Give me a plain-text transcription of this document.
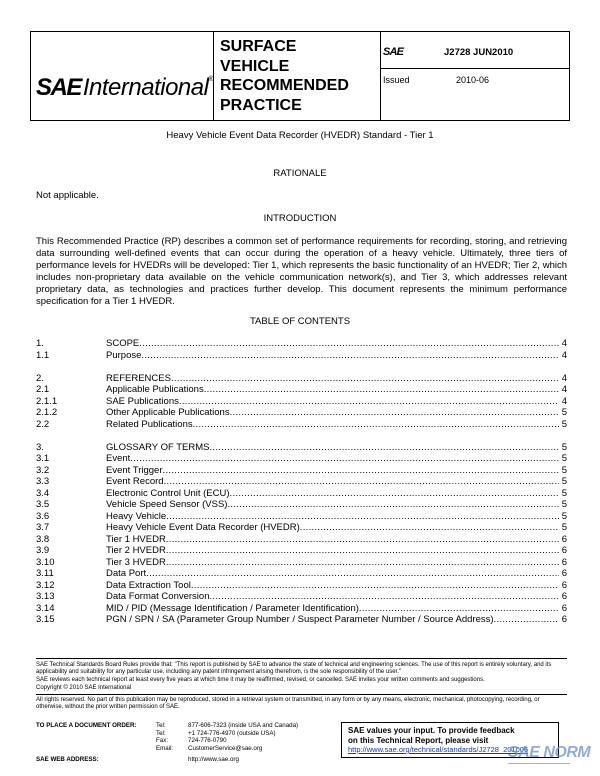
SAEInternational®
SURFACE
VEHICLE
RECOMMENDED
PRACTICE
SAE	J2728 JUN2010
Issued	2010-06
Heavy Vehicle Event Data Recorder (HVEDR) Standard - Tier 1
RATIONALE
Not applicable.
INTRODUCTION
This Recommended Practice (RP) describes a common set of performance requirements for recording, storing, and retrieving data surrounding well-defined events that can occur during the operation of a heavy vehicle. Ultimately, three tiers of performance levels for HVEDRs will be developed: Tier 1, which represents the basic functionality of an HVEDR; Tier 2, which includes non-proprietary data available on the vehicle communication network(s), and Tier 3, which addresses relevant proprietary data, as technologies and practices further develop. This document represents the minimum performance specification for a Tier 1 HVEDR.
TABLE OF CONTENTS
1.	SCOPE .....	4
1.1	Purpose .....	4
2.	REFERENCES .....	4
2.1	Applicable Publications .....	4
2.1.1	SAE Publications .....	4
2.1.2	Other Applicable Publications .....	5
2.2	Related Publications .....	5
3.	GLOSSARY OF TERMS .....	5
3.1	Event .....	5
3.2	Event Trigger .....	5
3.3	Event Record .....	5
3.4	Electronic Control Unit (ECU) .....	5
3.5	Vehicle Speed Sensor (VSS) .....	5
3.6	Heavy Vehicle .....	5
3.7	Heavy Vehicle Event Data Recorder (HVEDR) .....	5
3.8	Tier 1 HVEDR .....	6
3.9	Tier 2 HVEDR .....	6
3.10	Tier 3 HVEDR .....	6
3.11	Data Port .....	6
3.12	Data Extraction Tool .....	6
3.13	Data Format Conversion .....	6
3.14	MID / PID (Message Identification / Parameter Identification) .....	6
3.15	PGN / SPN / SA (Parameter Group Number / Suspect Parameter Number / Source Address) .....	6
SAE Technical Standards Board Rules provide that: "This report is published by SAE to advance the state of technical and engineering sciences. The use of this report is entirely voluntary, and its applicability and suitability for any particular use, including any patent infringement arising therefrom, is the sole responsibility of the user."
SAE reviews each technical report at least every five years at which time it may be reaffirmed, revised, or cancelled. SAE invites your written comments and suggestions.
Copyright © 2010 SAE International
All rights reserved. No part of this publication may be reproduced, stored in a retrieval system or transmitted, in any form or by any means, electronic, mechanical, photocopying, recording, or otherwise, without the prior written permission of SAE.
TO PLACE A DOCUMENT ORDER:	Tel:	877-606-7323 (inside USA and Canada)
Tel:	+1 724-776-4970 (outside USA)
Fax:	724-776-0790
Email:	CustomerService@sae.org
SAE WEB ADDRESS:	http://www.sae.org
SAE values your input. To provide feedback
on this Technical Report, please visit
http://www.sae.org/technical/standards/J2728_201006
SAE NORM
